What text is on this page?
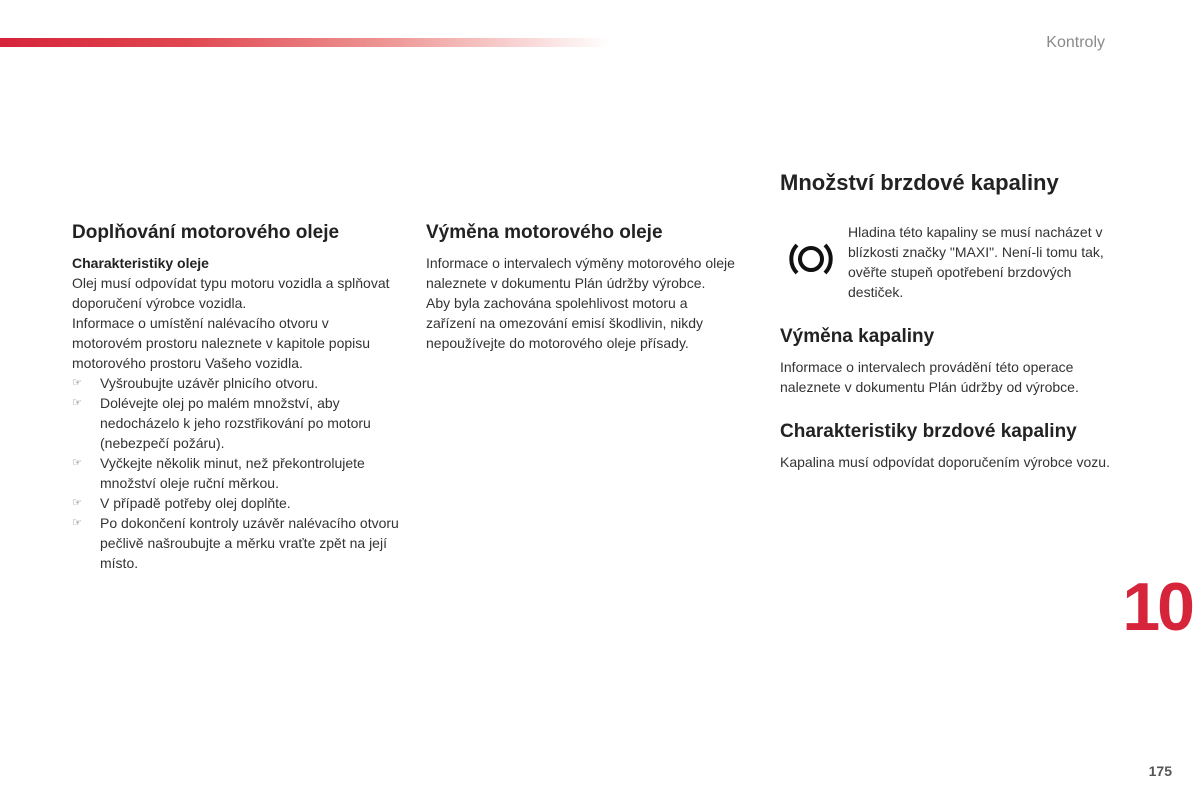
Kontroly
Doplňování motorového oleje
Charakteristiky oleje

Olej musí odpovídat typu motoru vozidla a splňovat doporučení výrobce vozidla.

Informace o umístění nalévacího otvoru v motorovém prostoru naleznete v kapitole popisu motorového prostoru Vašeho vozidla.

☞ Vyšroubujte uzávěr plnicího otvoru.
☞ Dolévejte olej po malém množství, aby nedocházelo k jeho rozstřikování po motoru (nebezpečí požáru).
☞ Vyčkejte několik minut, než překontrolujete množství oleje ruční měrkou.
☞ V případě potřeby olej doplňte.
☞ Po dokončení kontroly uzávěr nalévacího otvoru pečlivě našroubujte a měrku vraťte zpět na její místo.
Výměna motorového oleje

Informace o intervalech výměny motorového oleje naleznete v dokumentu Plán údržby výrobce.

Aby byla zachována spolehlivost motoru a zařízení na omezování emisí škodlivin, nikdy nepoužívejte do motorového oleje přísady.

Množství brzdové kapaliny

Hladina této kapaliny se musí nacházet v blízkosti značky "MAXI". Není-li tomu tak, ověřte stupeň opotřebení brzdových destiček.

Výměna kapaliny

Informace o intervalech provádění této operace naleznete v dokumentu Plán údržby od výrobce.

Charakteristiky brzdové kapaliny

Kapalina musí odpovídat doporučením výrobce vozu.

10
175
